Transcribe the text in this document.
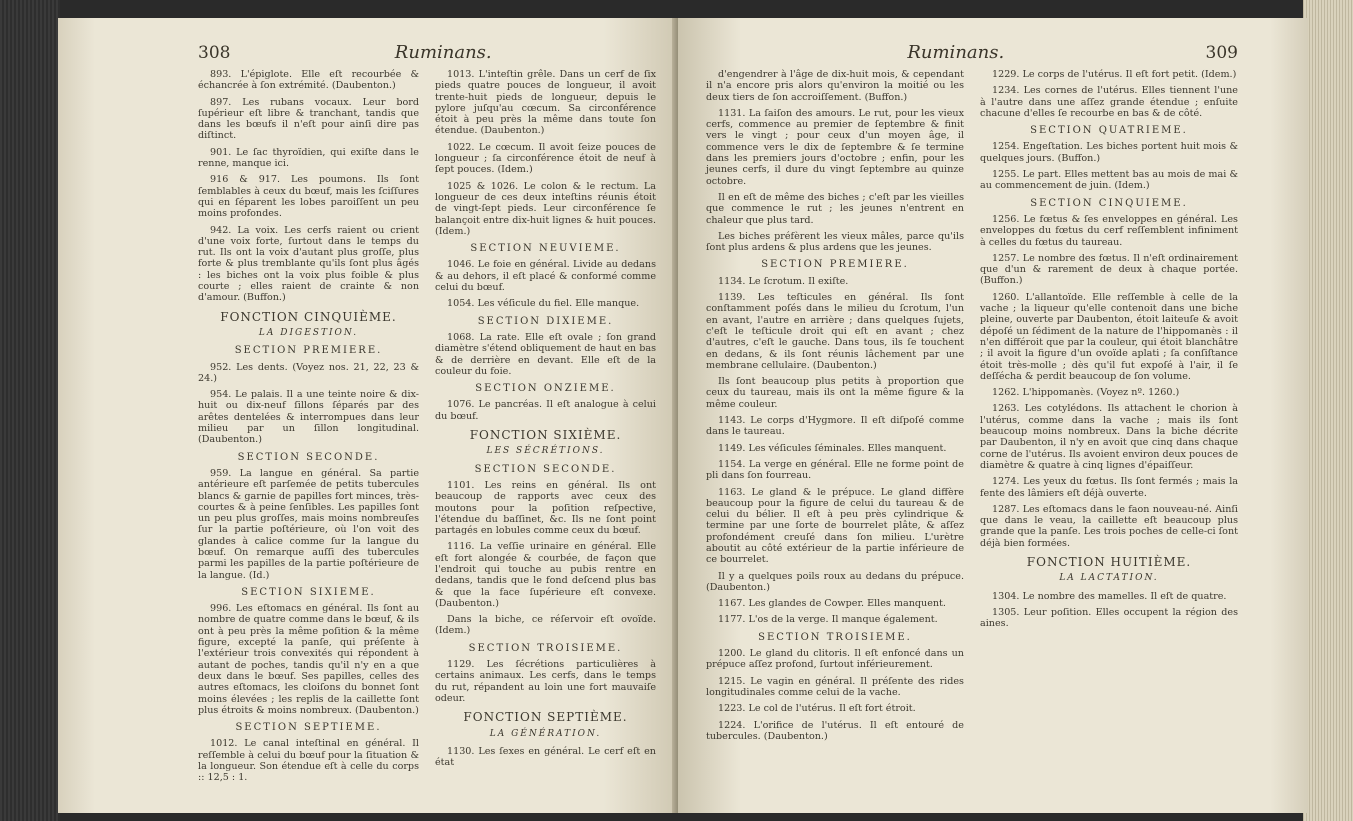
308	Ruminans.

893. L'épiglote. Elle eſt recourbée & échancrée à ſon extrémité. (Daubenton.)

897. Les rubans vocaux. Leur bord ſupérieur eſt libre & tranchant, tandis que dans les bœufs il n'eſt pour ainſi dire pas diſtinct.

901. Le ſac thyroïdien, qui exiſte dans le renne, manque ici.

916 & 917. Les poumons. Ils ſont ſemblables à ceux du bœuf, mais les ſciſſures qui en ſéparent les lobes paroiſſent un peu moins profondes.

942. La voix. Les cerfs raient ou crient d'une voix forte, ſurtout dans le temps du rut. Ils ont la voix d'autant plus groſſe, plus forte & plus tremblante qu'ils ſont plus âgés : les biches ont la voix plus foible & plus courte ; elles raient de crainte & non d'amour. (Buffon.)

FONCTION CINQUIÈME.
LA DIGESTION.
SECTION PREMIERE.

952. Les dents. (Voyez nos. 21, 22, 23 & 24.)

954. Le palais. Il a une teinte noire & dix-huit ou dix-neuf ſillons ſéparés par des arêtes dentelées & interrompues dans leur milieu par un ſillon longitudinal. (Daubenton.)

SECTION SECONDE.

959. La langue en général. Sa partie antérieure eſt parſemée de petits tubercules blancs & garnie de papilles fort minces, très-courtes & à peine ſenſibles. Les papilles ſont un peu plus groſſes, mais moins nombreuſes ſur la partie poſtérieure, où l'on voit des glandes à calice comme ſur la langue du bœuf. On remarque auſſi des tubercules parmi les papilles de la partie poſtérieure de la langue. (Id.)

SECTION SIXIEME.

996. Les eſtomacs en général. Ils ſont au nombre de quatre comme dans le bœuf, & ils ont à peu près la même poſition & la même figure, excepté la panſe, qui préſente à l'extérieur trois convexités qui répondent à autant de poches, tandis qu'il n'y en a que deux dans le bœuf. Ses papilles, celles des autres eſtomacs, les cloiſons du bonnet ſont moins élevées ; les replis de la caillette ſont plus étroits & moins nombreux. (Daubenton.)

SECTION SEPTIEME.

1012. Le canal inteſtinal en général. Il reſſemble à celui du bœuf pour la ſituation & la longueur. Son étendue eſt à celle du corps :: 12,5 : 1.

1013. L'inteſtin grêle. Dans un cerf de ſix pieds quatre pouces de longueur, il avoit trente-huit pieds de longueur, depuis le pylore juſqu'au cœcum. Sa circonférence étoit à peu près la même dans toute ſon étendue. (Daubenton.)

1022. Le cœcum. Il avoit ſeize pouces de longueur ; ſa circonférence étoit de neuf à ſept pouces. (Idem.)

1025 & 1026. Le colon & le rectum. La longueur de ces deux inteſtins réunis étoit de vingt-ſept pieds. Leur circonférence ſe balançoit entre dix-huit lignes & huit pouces. (Idem.)

SECTION NEUVIEME.

1046. Le foie en général. Livide au dedans & au dehors, il eſt placé & conformé comme celui du bœuf.

1054. Les véſicule du fiel. Elle manque.

SECTION DIXIEME.

1068. La rate. Elle eſt ovale ; ſon grand diamètre s'étend obliquement de haut en bas & de derrière en devant. Elle eſt de la couleur du foie.

SECTION ONZIEME.

1076. Le pancréas. Il eſt analogue à celui du bœuf.

FONCTION SIXIÈME.
LES SÉCRÉTIONS.
SECTION SECONDE.

1101. Les reins en général. Ils ont beaucoup de rapports avec ceux des moutons pour la poſition reſpective, l'étendue du baſſinet, &c. Ils ne ſont point partagés en lobules comme ceux du bœuf.

1116. La veſſie urinaire en général. Elle eſt fort alongée & courbée, de façon que l'endroit qui touche au pubis rentre en dedans, tandis que le fond deſcend plus bas & que la face ſupérieure eſt convexe. (Daubenton.)

Dans la biche, ce réſervoir eſt ovoïde. (Idem.)

SECTION TROISIEME.

1129. Les ſécrétions particulières à certains animaux. Les cerfs, dans le temps du rut, répandent au loin une fort mauvaiſe odeur.

FONCTION SEPTIÈME.
LA GÉNÉRATION.

1130. Les ſexes en général. Le cerf eſt en état

Ruminans.	309

d'engendrer à l'âge de dix-huit mois, & cependant il n'a encore pris alors qu'environ la moitié ou les deux tiers de ſon accroiſſement. (Buffon.)

1131. La ſaiſon des amours. Le rut, pour les vieux cerfs, commence au premier de ſeptembre & finit vers le vingt ; pour ceux d'un moyen âge, il commence vers le dix de ſeptembre & ſe termine dans les premiers jours d'octobre ; enfin, pour les jeunes cerfs, il dure du vingt ſeptembre au quinze octobre.

Il en eſt de même des biches ; c'eſt par les vieilles que commence le rut ; les jeunes n'entrent en chaleur que plus tard.

Les biches préfèrent les vieux mâles, parce qu'ils ſont plus ardens & plus ardens que les jeunes.

SECTION PREMIERE.

1134. Le ſcrotum. Il exiſte.

1139. Les teſticules en général. Ils ſont conſtamment poſés dans le milieu du ſcrotum, l'un en avant, l'autre en arrière ; dans quelques ſujets, c'eſt le teſticule droit qui eſt en avant ; chez d'autres, c'eſt le gauche. Dans tous, ils ſe touchent en dedans, & ils ſont réunis lâchement par une membrane cellulaire. (Daubenton.)

Ils ſont beaucoup plus petits à proportion que ceux du taureau, mais ils ont la même figure & la même couleur.

1143. Le corps d'Hygmore. Il eſt diſpoſé comme dans le taureau.

1149. Les véſicules ſéminales. Elles manquent.

1154. La verge en général. Elle ne forme point de pli dans ſon fourreau.

1163. Le gland & le prépuce. Le gland diffère beaucoup pour la figure de celui du taureau & de celui du bélier. Il eſt à peu près cylindrique & termine par une ſorte de bourrelet plâte, & aſſez profondément creuſé dans ſon milieu. L'urètre aboutit au côté extérieur de la partie inférieure de ce bourrelet.

Il y a quelques poils roux au dedans du prépuce. (Daubenton.)

1167. Les glandes de Cowper. Elles manquent.

1177. L'os de la verge. Il manque également.

SECTION TROISIEME.

1200. Le gland du clitoris. Il eſt enfoncé dans un prépuce aſſez profond, ſurtout inférieurement.

1215. Le vagin en général. Il préſente des rides longitudinales comme celui de la vache.

1223. Le col de l'utérus. Il eſt fort étroit.

1224. L'orifice de l'utérus. Il eſt entouré de tubercules. (Daubenton.)

1229. Le corps de l'utérus. Il eſt fort petit. (Idem.)

1234. Les cornes de l'utérus. Elles tiennent l'une à l'autre dans une aſſez grande étendue ; enſuite chacune d'elles ſe recourbe en bas & de côté.

SECTION QUATRIEME.

1254. Engeſtation. Les biches portent huit mois & quelques jours. (Buffon.)

1255. Le part. Elles mettent bas au mois de mai & au commencement de juin. (Idem.)

SECTION CINQUIEME.

1256. Le fœtus & ſes enveloppes en général. Les enveloppes du fœtus du cerf reſſemblent infiniment à celles du fœtus du taureau.

1257. Le nombre des fœtus. Il n'eſt ordinairement que d'un & rarement de deux à chaque portée. (Buffon.)

1260. L'allantoïde. Elle reſſemble à celle de la vache ; la liqueur qu'elle contenoit dans une biche pleine, ouverte par Daubenton, étoit laiteuſe & avoit dépoſé un ſédiment de la nature de l'hippomanès : il n'en différoit que par la couleur, qui étoit blanchâtre ; il avoit la figure d'un ovoïde aplati ; ſa conſiſtance étoit très-molle ; dès qu'il fut expoſé à l'air, il ſe deſſécha & perdit beaucoup de ſon volume.

1262. L'hippomanès. (Voyez nº. 1260.)

1263. Les cotylédons. Ils attachent le chorion à l'utérus, comme dans la vache ; mais ils ſont beaucoup moins nombreux. Dans la biche décrite par Daubenton, il n'y en avoit que cinq dans chaque corne de l'utérus. Ils avoient environ deux pouces de diamètre & quatre à cinq lignes d'épaiſſeur.

1274. Les yeux du fœtus. Ils ſont fermés ; mais la fente des lâmiers eſt déjà ouverte.

1287. Les eſtomacs dans le faon nouveau-né. Ainſi que dans le veau, la caillette eſt beaucoup plus grande que la panſe. Les trois poches de celle-ci ſont déjà bien formées.

FONCTION HUITIÈME.
LA LACTATION.

1304. Le nombre des mamelles. Il eſt de quatre.

1305. Leur poſition. Elles occupent la région des aines.
